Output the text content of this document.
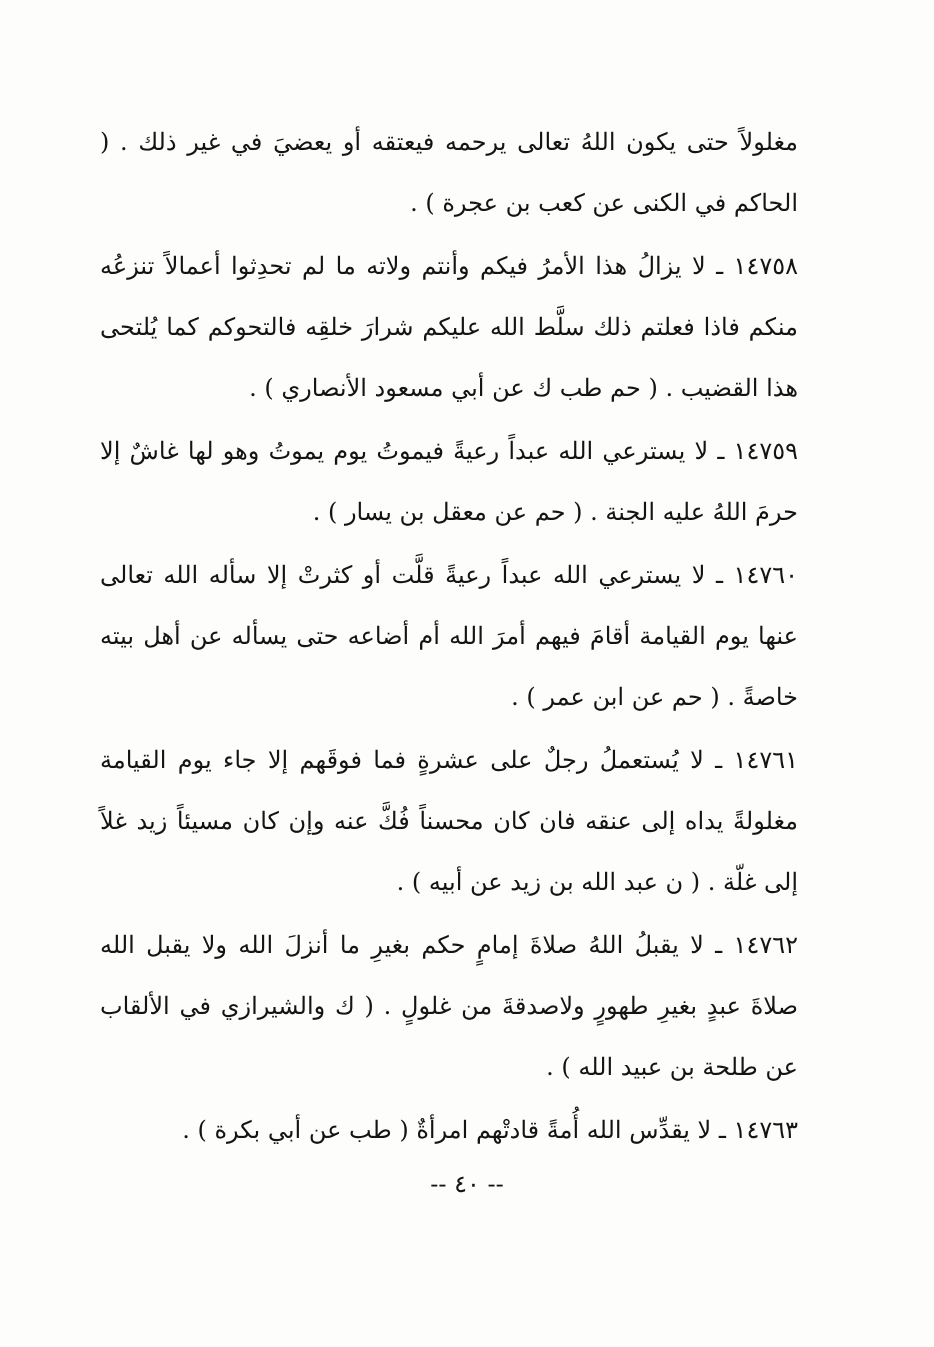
مغلولاً حتى يكون اللهُ تعالى يرحمه فيعتقه أو يعضيَ في غير ذلك . ( الحاكم في الكنى عن كعب بن عجرة ) .

١٤٧٥٨ ـ لا يزالُ هذا الأمرُ فيكم وأنتم ولاته ما لم تحدِثوا أعمالاً تنزعُه منكم فاذا فعلتم ذلك سلَّط الله عليكم شرارَ خلقِه فالتحوكم كما يُلتحى هذا القضيب . ( حم طب ك عن أبي مسعود الأنصاري ) .

١٤٧٥٩ ـ لا يسترعي الله عبداً رعيةً فيموتُ يوم يموتُ وهو لها غاشٌ إلا حرمَ اللهُ عليه الجنة . ( حم عن معقل بن يسار ) .

١٤٧٦٠ ـ لا يسترعي الله عبداً رعيةً قلَّت أو كثرتْ إلا سأله الله تعالى عنها يوم القيامة أقامَ فيهم أمرَ الله أم أضاعه حتى يسأله عن أهل بيته خاصةً . ( حم عن ابن عمر ) .

١٤٧٦١ ـ لا يُستعملُ رجلٌ على عشرةٍ فما فوقَهم إلا جاء يوم القيامة مغلولةً يداه إلى عنقه فان كان محسناً فُكَّ عنه وإن كان مسيئاً زيد غلاً إلى غلّة . ( ن عبد الله بن زيد عن أبيه ) .

١٤٧٦٢ ـ لا يقبلُ اللهُ صلاةَ إمامٍ حكم بغيرِ ما أنزلَ الله ولا يقبل الله صلاةَ عبدٍ بغيرِ طهورٍ ولاصدقةَ من غلولٍ . ( ك والشيرازي في الألقاب عن طلحة بن عبيد الله ) .

١٤٧٦٣ ـ لا يقدِّس الله أُمةً قادتْهم امرأةٌ ( طب عن أبي بكرة ) .

-- ٤٠ --
